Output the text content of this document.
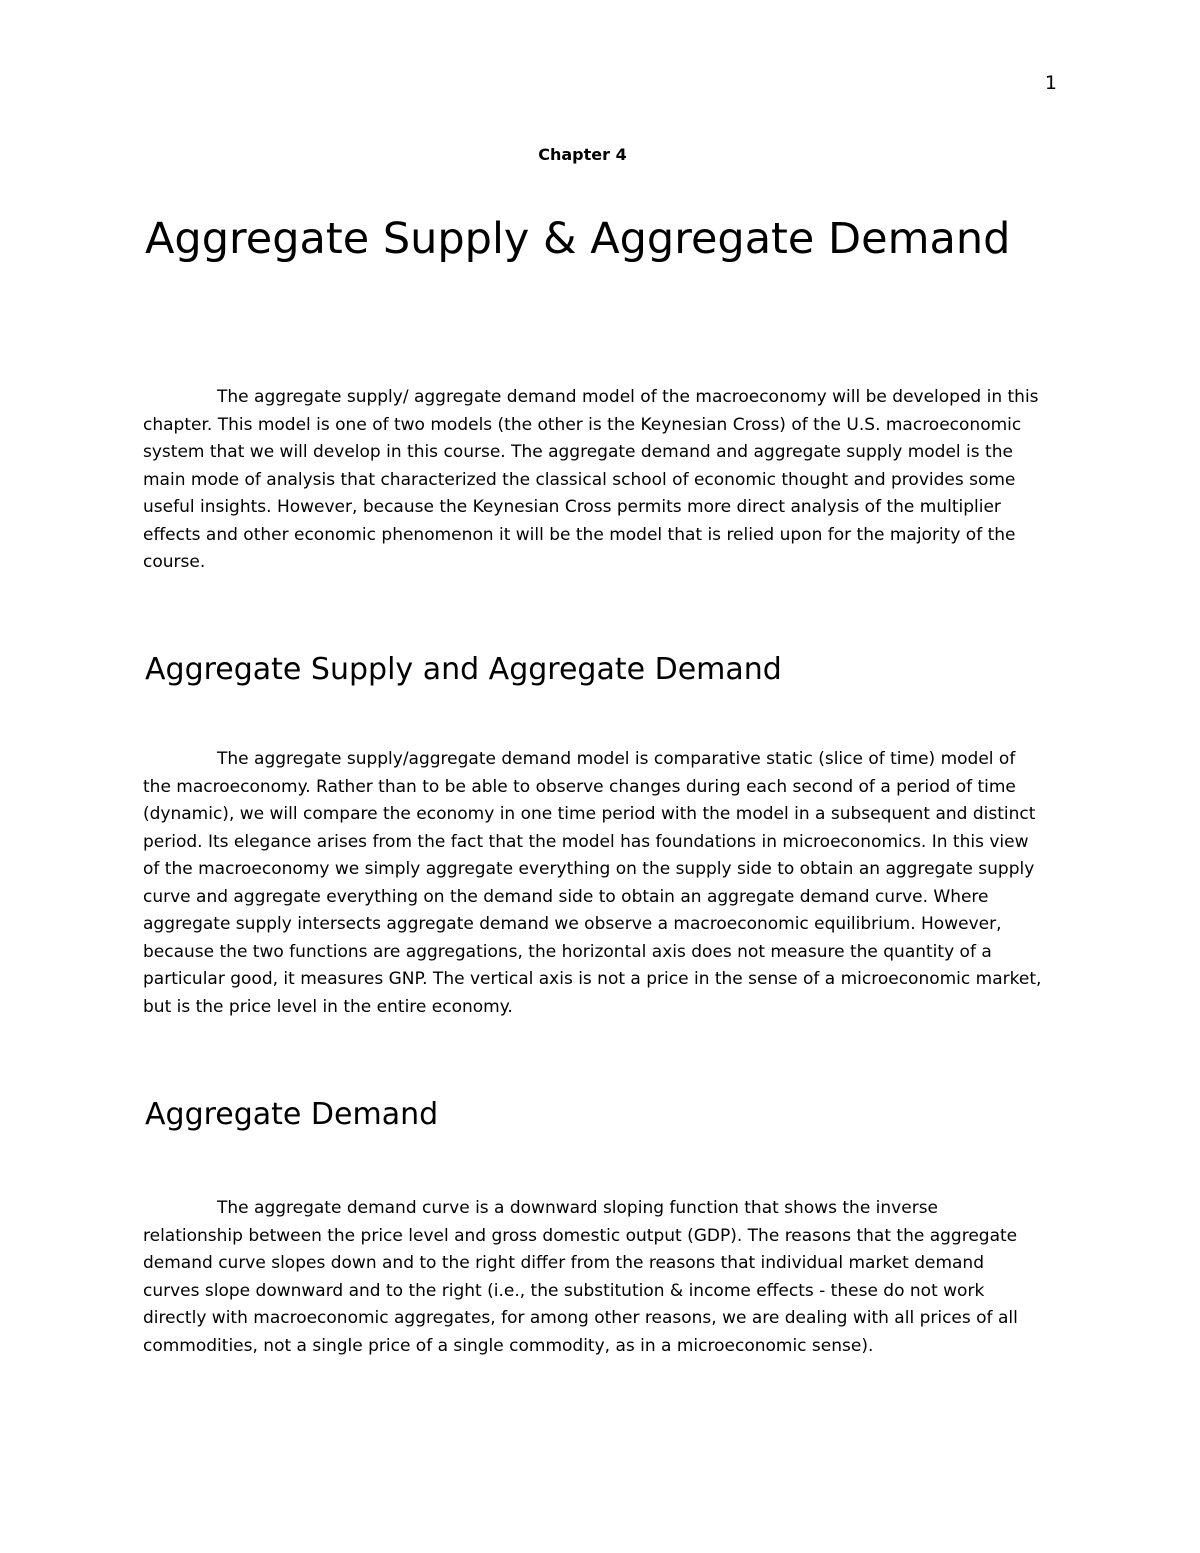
1
Chapter 4
Aggregate Supply & Aggregate Demand

The aggregate supply/ aggregate demand model of the macroeconomy will be developed in this chapter. This model is one of two models (the other is the Keynesian Cross) of the U.S. macroeconomic system that we will develop in this course. The aggregate demand and aggregate supply model is the main mode of analysis that characterized the classical school of economic thought and provides some useful insights. However, because the Keynesian Cross permits more direct analysis of the multiplier effects and other economic phenomenon it will be the model that is relied upon for the majority of the course.

Aggregate Supply and Aggregate Demand

The aggregate supply/aggregate demand model is comparative static (slice of time) model of the macroeconomy. Rather than to be able to observe changes during each second of a period of time (dynamic), we will compare the economy in one time period with the model in a subsequent and distinct period. Its elegance arises from the fact that the model has foundations in microeconomics. In this view of the macroeconomy we simply aggregate everything on the supply side to obtain an aggregate supply curve and aggregate everything on the demand side to obtain an aggregate demand curve. Where aggregate supply intersects aggregate demand we observe a macroeconomic equilibrium. However, because the two functions are aggregations, the horizontal axis does not measure the quantity of a particular good, it measures GNP. The vertical axis is not a price in the sense of a microeconomic market, but is the price level in the entire economy.

Aggregate Demand

The aggregate demand curve is a downward sloping function that shows the inverse relationship between the price level and gross domestic output (GDP). The reasons that the aggregate demand curve slopes down and to the right differ from the reasons that individual market demand curves slope downward and to the right (i.e., the substitution & income effects - these do not work directly with macroeconomic aggregates, for among other reasons, we are dealing with all prices of all commodities, not a single price of a single commodity, as in a microeconomic sense).
